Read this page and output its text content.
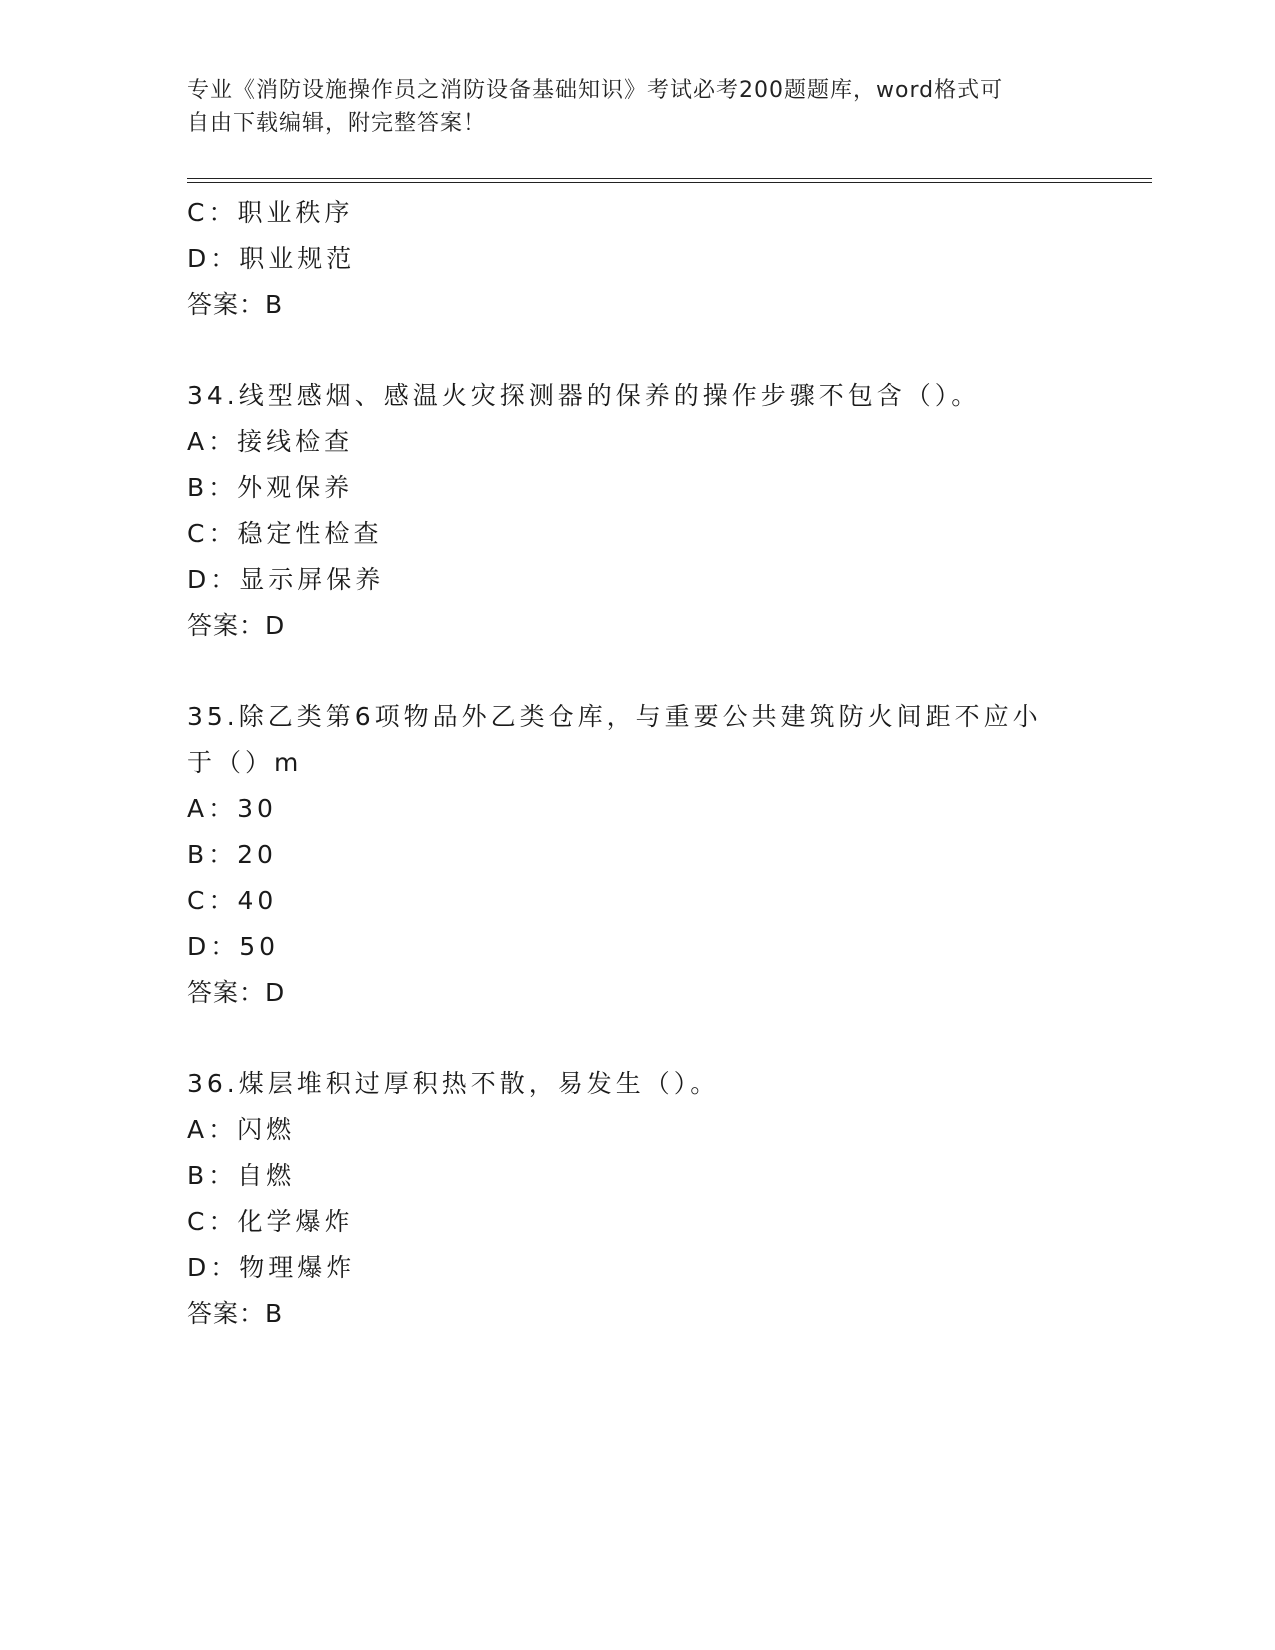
专业《消防设施操作员之消防设备基础知识》考试必考200题题库，word格式可
自由下载编辑，附完整答案！
C：职业秩序
D：职业规范
答案：B
34.线型感烟、感温火灾探测器的保养的操作步骤不包含（）。
A：接线检查
B：外观保养
C：稳定性检查
D：显示屏保养
答案：D
35.除乙类第6项物品外乙类仓库，与重要公共建筑防火间距不应小于（）m
A：30
B：20
C：40
D：50
答案：D
36.煤层堆积过厚积热不散，易发生（）。
A：闪燃
B：自燃
C：化学爆炸
D：物理爆炸
答案：B
